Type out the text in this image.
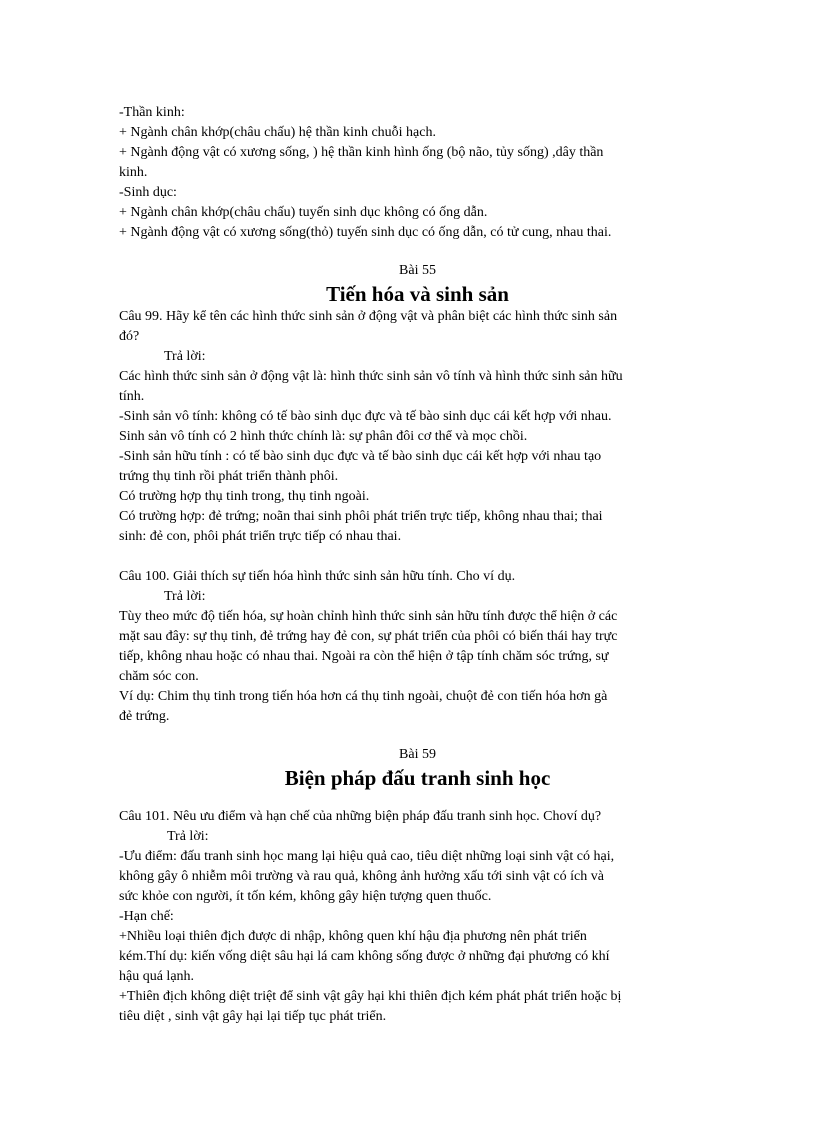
-Thần kinh:
+ Ngành chân khớp(châu chấu) hệ thần kinh chuỗi hạch.
+ Ngành động vật có xương sống, ) hệ thần kinh hình ống (bộ não, tủy sống) ,dây thần
kinh.
-Sinh dục:
+ Ngành chân khớp(châu chấu) tuyến sinh dục không có ống dẫn.
+ Ngành động vật có xương sống(thỏ) tuyến sinh dục có ống dẫn, có tử cung, nhau thai.
Bài 55
Tiến hóa và sinh sản
Câu 99. Hãy kể tên các hình thức sinh sản ở động vật và phân biệt các hình thức sinh sản
đó?
Trả lời:
Các hình thức sinh sản ở động vật là: hình thức sinh sản vô tính và hình thức sinh sản hữu
tính.
-Sinh sản vô tính: không có tế bào sinh dục đực và tế bào sinh dục cái kết hợp với nhau.
Sinh sản vô tính có 2 hình thức chính là: sự phân đôi cơ thể và mọc chồi.
-Sinh sản hữu tính : có tế bào sinh dục đực và tế bào sinh dục cái kết hợp với nhau tạo
trứng thụ tinh rồi phát triển thành phôi.
Có trường hợp thụ tinh trong, thụ tinh ngoài.
Có trường hợp: đẻ trứng; noãn thai sinh phôi phát triển trực tiếp, không nhau thai; thai
sinh: đẻ con, phôi phát triển trực tiếp có nhau thai.
Câu 100. Giải thích sự tiến hóa hình thức sinh sản hữu tính. Cho ví dụ.
Trả lời:
Tùy theo mức độ tiến hóa, sự hoàn chỉnh hình thức sinh sản hữu tính được thể hiện ở các
mặt sau đây: sự thụ tinh, đẻ trứng hay đẻ con, sự phát triển của phôi có biến thái hay trực
tiếp, không nhau hoặc có nhau thai. Ngoài ra còn thể hiện ở tập tính chăm sóc trứng, sự
chăm sóc con.
Ví dụ: Chim thụ tinh trong tiến hóa hơn cá thụ tinh ngoài, chuột đẻ con tiến hóa hơn gà
đẻ trứng.
Bài 59
Biện pháp đấu tranh sinh học
Câu 101. Nêu ưu điểm và hạn chế của những biện pháp đấu tranh sinh học. Choví dụ?
Trả lời:
-Ưu điểm: đấu tranh sinh học mang lại hiệu quả cao, tiêu diệt những loại sinh vật có hại,
không gây ô nhiễm môi trường và rau quả, không ảnh hưởng xấu tới sinh vật có ích và
sức khỏe con người, ít tốn kém, không gây hiện tượng quen thuốc.
-Hạn chế:
+Nhiều loại thiên địch được di nhập, không quen khí hậu địa phương nên phát triển
kém.Thí dụ: kiến vống diệt sâu hại lá cam không sống được ở những đại phương có khí
hậu quá lạnh.
+Thiên địch không diệt triệt để sinh vật gây hại khi thiên địch kém phát phát triển hoặc bị
tiêu diệt , sinh vật gây hại lại tiếp tục phát triển.
